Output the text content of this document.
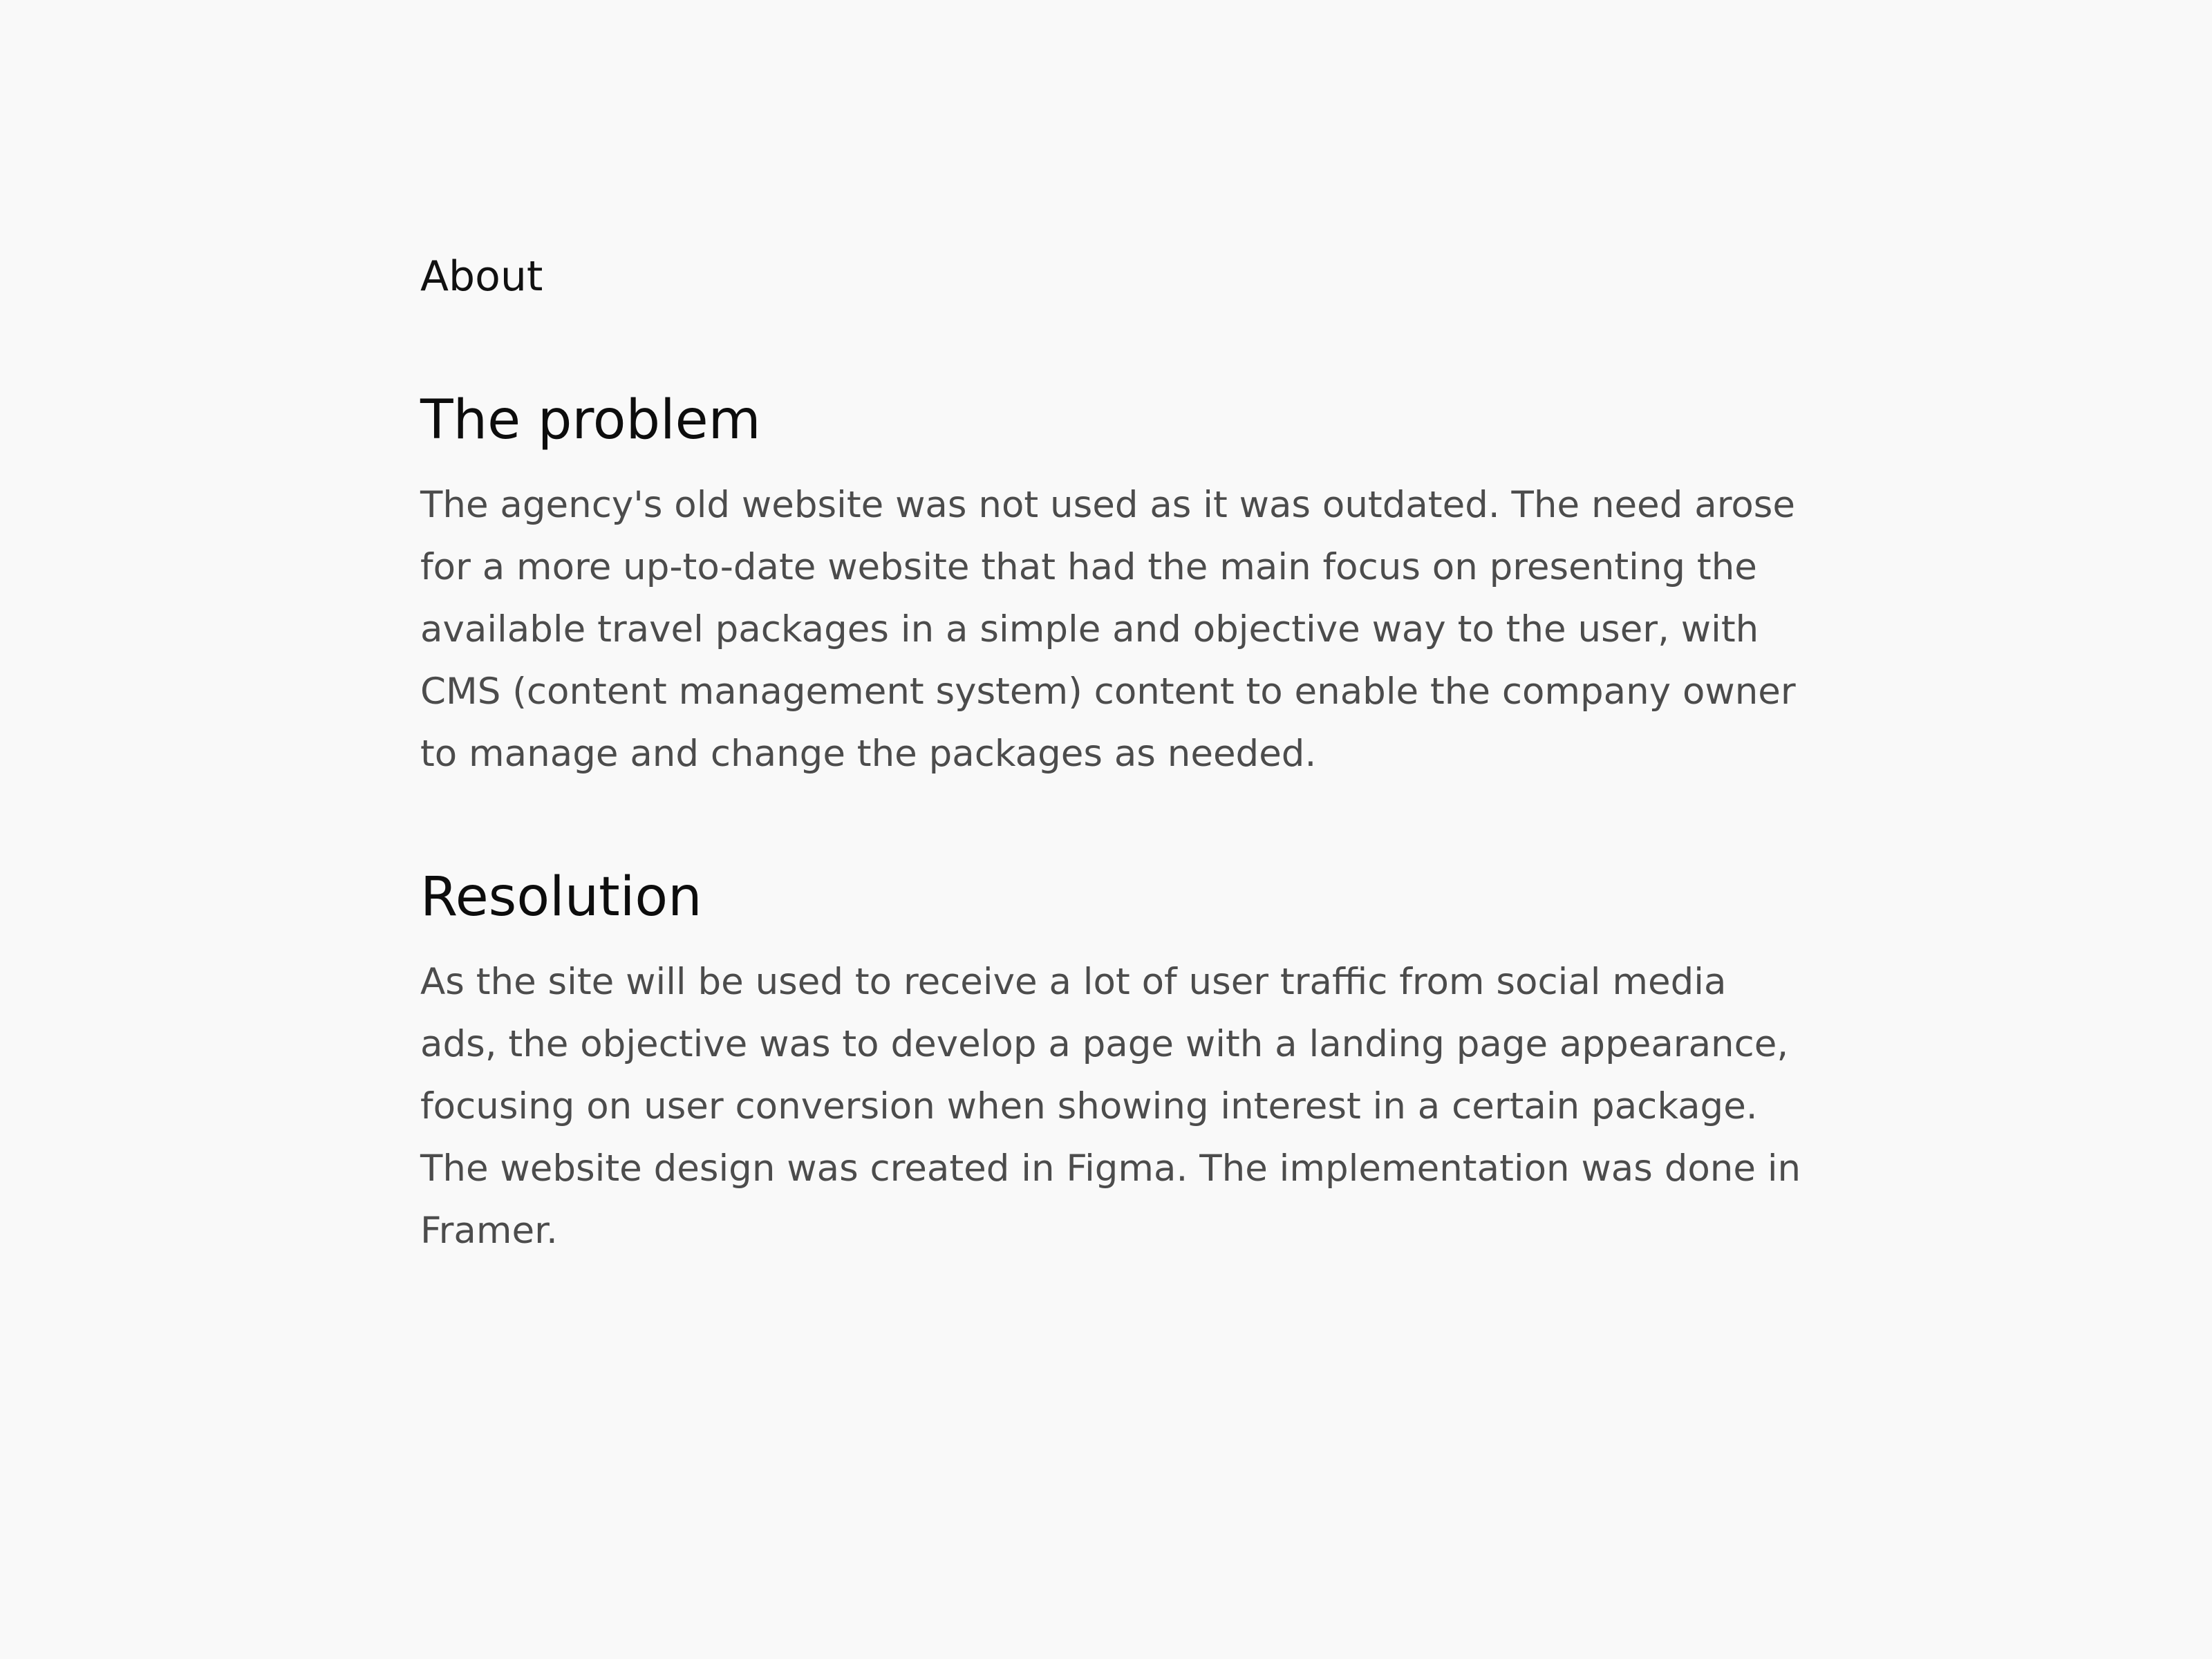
About
The problem

The agency's old website was not used as it was outdated. The need arose for a more up-to-date website that had the main focus on presenting the available travel packages in a simple and objective way to the user, with CMS (content management system) content to enable the company owner to manage and change the packages as needed.

Resolution

As the site will be used to receive a lot of user traffic from social media ads, the objective was to develop a page with a landing page appearance, focusing on user conversion when showing interest in a certain package. The website design was created in Figma. The implementation was done in Framer.
